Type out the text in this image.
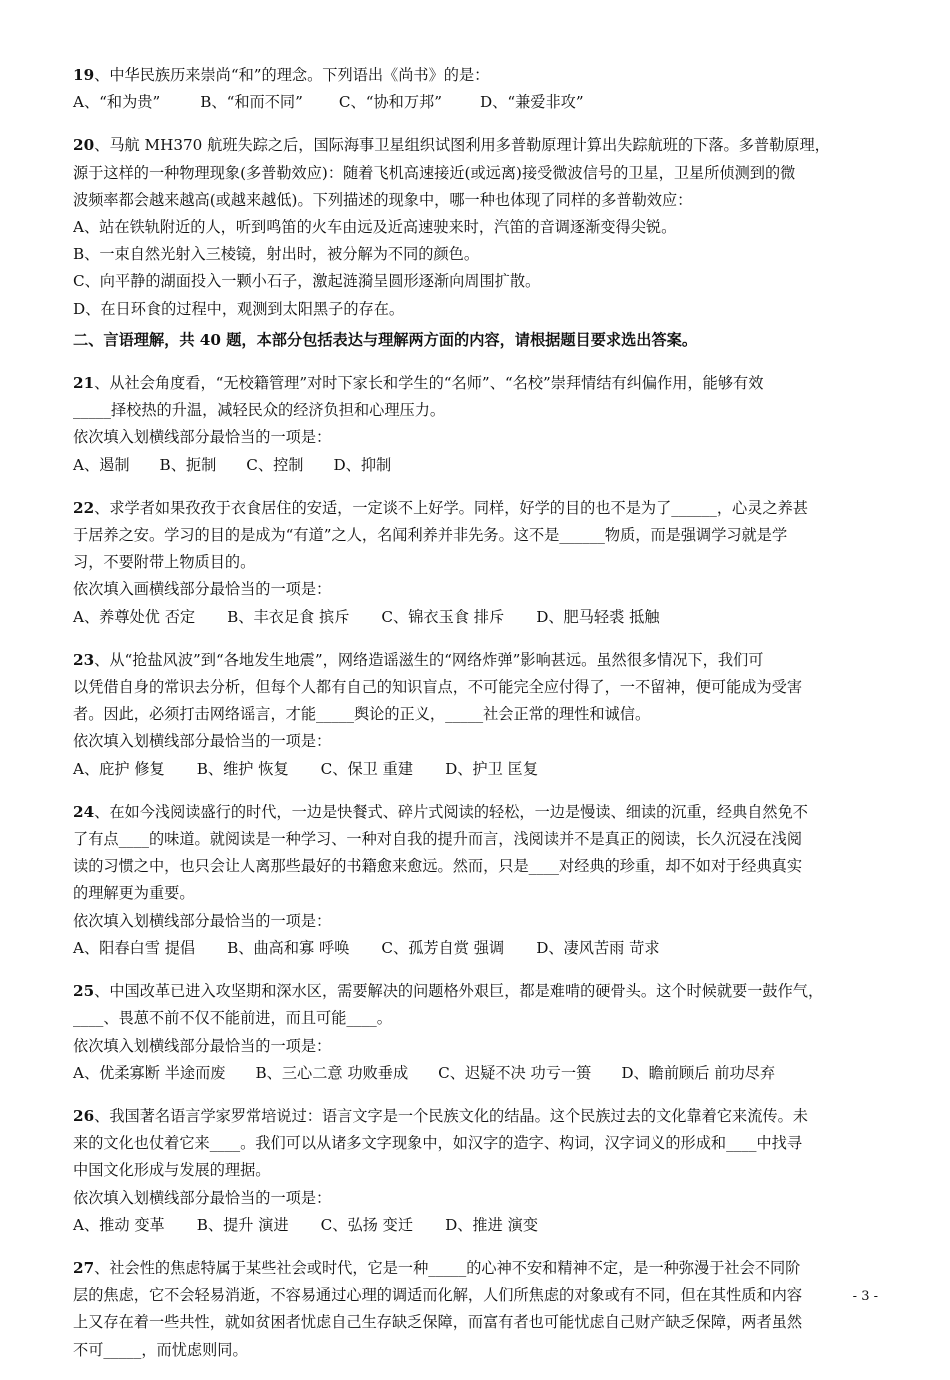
19、中华民族历来崇尚“和”的理念。下列语出《尚书》的是：
A、“和为贵”	B、“和而不同” C、“协和万邦”	D、“兼爱非攻”
20、马航 MH370 航班失踪之后，国际海事卫星组织试图利用多普勒原理计算出失踪航班的下落。多普勒原理，
源于这样的一种物理现象(多普勒效应)：随着飞机高速接近(或远离)接受微波信号的卫星，卫星所侦测到的微
波频率都会越来越高(或越来越低)。下列描述的现象中，哪一种也体现了同样的多普勒效应：
A、站在铁轨附近的人，听到鸣笛的火车由远及近高速驶来时，汽笛的音调逐渐变得尖锐。
B、一束自然光射入三棱镜，射出时，被分解为不同的颜色。
C、向平静的湖面投入一颗小石子，激起涟漪呈圆形逐渐向周围扩散。
D、在日环食的过程中，观测到太阳黑子的存在。
二、言语理解，共 40 题，本部分包括表达与理解两方面的内容，请根据题目要求选出答案。
21、从社会角度看，“无校籍管理”对时下家长和学生的“名师”、“名校”崇拜情结有纠偏作用，能够有效
_____择校热的升温，减轻民众的经济负担和心理压力。
依次填入划横线部分最恰当的一项是：
A、遏制 B、扼制 C、控制 D、抑制
22、求学者如果孜孜于衣食居住的安适，一定谈不上好学。同样，好学的目的也不是为了______，心灵之养甚
于居养之安。学习的目的是成为“有道”之人，名闻利养并非先务。这不是______物质，而是强调学习就是学
习，不要附带上物质目的。
依次填入画横线部分最恰当的一项是：
A、养尊处优 否定 B、丰衣足食 摈斥 C、锦衣玉食 排斥 D、肥马轻裘 抵触
23、从“抢盐风波”到“各地发生地震”，网络造谣滋生的“网络炸弹”影响甚远。虽然很多情况下，我们可
以凭借自身的常识去分析，但每个人都有自己的知识盲点，不可能完全应付得了，一不留神，便可能成为受害
者。因此，必须打击网络谣言，才能_____舆论的正义，_____社会正常的理性和诚信。
依次填入划横线部分最恰当的一项是：
A、庇护 修复 B、维护 恢复 C、保卫 重建 D、护卫 匡复
24、在如今浅阅读盛行的时代，一边是快餐式、碎片式阅读的轻松，一边是慢读、细读的沉重，经典自然免不
了有点____的味道。就阅读是一种学习、一种对自我的提升而言，浅阅读并不是真正的阅读，长久沉浸在浅阅
读的习惯之中，也只会让人离那些最好的书籍愈来愈远。然而，只是____对经典的珍重，却不如对于经典真实
的理解更为重要。
依次填入划横线部分最恰当的一项是：
A、阳春白雪 提倡 B、曲高和寡 呼唤 C、孤芳自赏 强调 D、凄风苦雨 苛求
25、中国改革已进入攻坚期和深水区，需要解决的问题格外艰巨，都是难啃的硬骨头。这个时候就要一鼓作气，
____、畏葸不前不仅不能前进，而且可能____。
依次填入划横线部分最恰当的一项是：
A、优柔寡断 半途而废 B、三心二意 功败垂成 C、迟疑不决 功亏一篑 D、瞻前顾后 前功尽弃
26、我国著名语言学家罗常培说过：语言文字是一个民族文化的结晶。这个民族过去的文化靠着它来流传。未
来的文化也仗着它来____。我们可以从诸多文字现象中，如汉字的造字、构词，汉字词义的形成和____中找寻
中国文化形成与发展的理据。
依次填入划横线部分最恰当的一项是：
A、推动 变革 B、提升 演进 C、弘扬 变迁 D、推进 演变
27、社会性的焦虑特属于某些社会或时代，它是一种_____的心神不安和精神不定，是一种弥漫于社会不同阶
层的焦虑，它不会轻易消逝，不容易通过心理的调适而化解，人们所焦虑的对象或有不同，但在其性质和内容
上又存在着一些共性，就如贫困者忧虑自己生存缺乏保障，而富有者也可能忧虑自己财产缺乏保障，两者虽然
不可_____，而忧虑则同。
- 3 -
